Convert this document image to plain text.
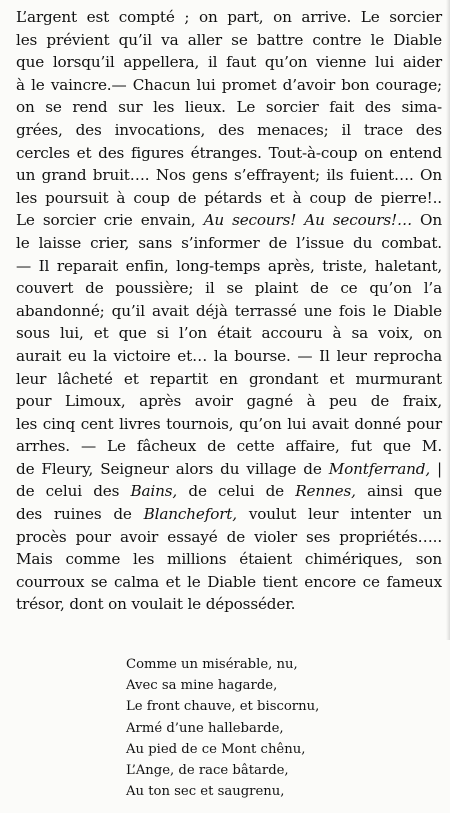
L’argent est compté ; on part, on arrive. Le sorcier
les prévient qu’il va aller se battre contre le Diable
que lorsqu’il appellera, il faut qu’on vienne lui aider
à le vaincre.— Chacun lui promet d’avoir bon courage;
on se rend sur les lieux. Le sorcier fait des sima-
grées, des invocations, des menaces; il trace des
cercles et des figures étranges. Tout-à-coup on entend
un grand bruit…. Nos gens s’effrayent; ils fuient…. On
les poursuit à coup de pétards et à coup de pierre!..
Le sorcier crie envain, Au secours! Au secours!… On
le laisse crier, sans s’informer de l’issue du combat.
— Il reparait enfin, long-temps après, triste, haletant,
couvert de poussière; il se plaint de ce qu’on l’a
abandonné; qu’il avait déjà terrassé une fois le Diable
sous lui, et que si l’on était accouru à sa voix, on
aurait eu la victoire et… la bourse. — Il leur reprocha
leur lâcheté et repartit en grondant et murmurant
pour Limoux, après avoir gagné à peu de fraix,
les cinq cent livres tournois, qu’on lui avait donné pour
arrhes. — Le fâcheux de cette affaire, fut que M.
de Fleury, Seigneur alors du village de Montferrand, |
de celui des Bains, de celui de Rennes, ainsi que
des ruines de Blanchefort, voulut leur intenter un
procès pour avoir essayé de violer ses propriétés…..
Mais comme les millions étaient chimériques, son
courroux se calma et le Diable tient encore ce fameux
trésor, dont on voulait le déposséder.
Comme un misérable, nu,
Avec sa mine hagarde,
Le front chauve, et biscornu,
Armé d’une hallebarde,
Au pied de ce Mont chênu,
L’Ange, de race bâtarde,
Au ton sec et saugrenu,
